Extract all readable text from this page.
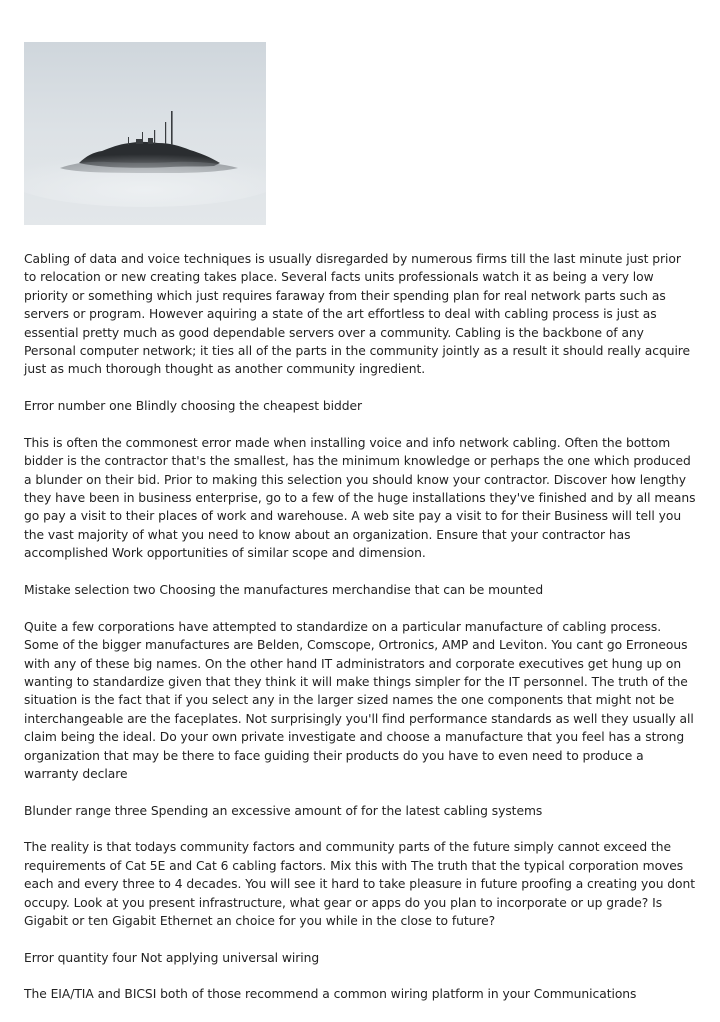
Cabling of data and voice techniques is usually disregarded by numerous firms till the last minute just prior to relocation or new creating takes place. Several facts units professionals watch it as being a very low priority or something which just requires faraway from their spending plan for real network parts such as servers or program. However aquiring a state of the art effortless to deal with cabling process is just as essential pretty much as good dependable servers over a community. Cabling is the backbone of any Personal computer network; it ties all of the parts in the community jointly as a result it should really acquire just as much thorough thought as another community ingredient.

Error number one Blindly choosing the cheapest bidder

This is often the commonest error made when installing voice and info network cabling. Often the bottom bidder is the contractor that's the smallest, has the minimum knowledge or perhaps the one which produced a blunder on their bid. Prior to making this selection you should know your contractor. Discover how lengthy they have been in business enterprise, go to a few of the huge installations they've finished and by all means go pay a visit to their places of work and warehouse. A web site pay a visit to for their Business will tell you the vast majority of what you need to know about an organization. Ensure that your contractor has accomplished Work opportunities of similar scope and dimension.

Mistake selection two Choosing the manufactures merchandise that can be mounted

Quite a few corporations have attempted to standardize on a particular manufacture of cabling process. Some of the bigger manufactures are Belden, Comscope, Ortronics, AMP and Leviton. You cant go Erroneous with any of these big names. On the other hand IT administrators and corporate executives get hung up on wanting to standardize given that they think it will make things simpler for the IT personnel. The truth of the situation is the fact that if you select any in the larger sized names the one components that might not be interchangeable are the faceplates. Not surprisingly you'll find performance standards as well they usually all claim being the ideal. Do your own private investigate and choose a manufacture that you feel has a strong organization that may be there to face guiding their products do you have to even need to produce a warranty declare

Blunder range three Spending an excessive amount of for the latest cabling systems

The reality is that todays community factors and community parts of the future simply cannot exceed the requirements of Cat 5E and Cat 6 cabling factors. Mix this with The truth that the typical corporation moves each and every three to 4 decades. You will see it hard to take pleasure in future proofing a creating you dont occupy. Look at you present infrastructure, what gear or apps do you plan to incorporate or up grade? Is Gigabit or ten Gigabit Ethernet an choice for you while in the close to future?

Error quantity four Not applying universal wiring

The EIA/TIA and BICSI both of those recommend a common wiring platform in your Communications
